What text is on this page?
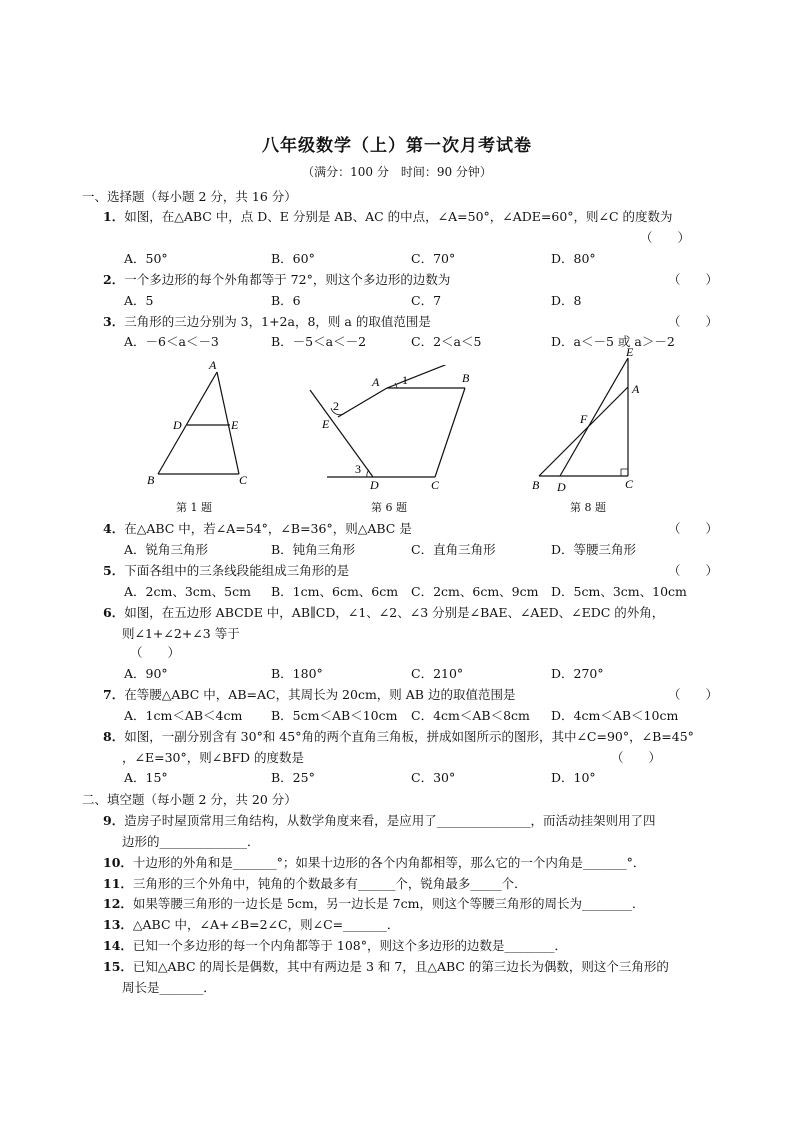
八年级数学（上）第一次月考试卷
（满分：100 分　时间：90 分钟）
一、选择题（每小题 2 分，共 16 分）
1．如图，在△ABC 中，点 D、E 分别是 AB、AC 的中点，∠A=50°，∠ADE=60°，则∠C 的度数为
（　　）
A．50°	B．60°	C．70°	D．80°
2．一个多边形的每个外角都等于 72°，则这个多边形的边数为	（　　）
A．5	B．6	C．7	D．8
3．三角形的三边分别为 3，1+2a，8，则 a 的取值范围是	（　　）
A．－6＜a＜－3	B．－5＜a＜－2	C．2＜a＜5	D．a＜－5 或 a＞－2
A
D	E
B	C
第 1 题
A 1	B
2
E
3
D	C
第 6 题
E
A
F
B D	C
第 8 题
4．在△ABC 中，若∠A=54°，∠B=36°，则△ABC 是	（　　）
A．锐角三角形	B．钝角三角形	C．直角三角形	D．等腰三角形
5．下面各组中的三条线段能组成三角形的是	（　　）
A．2cm、3cm、5cm B．1cm、6cm、6cm C．2cm、6cm、9cm D．5cm、3cm、10cm
6．如图，在五边形 ABCDE 中，AB∥CD，∠1、∠2、∠3 分别是∠BAE、∠AED、∠EDC 的外角，
则∠1+∠2+∠3 等于
（　　）
A．90°	B．180°	C．210°	D．270°
7．在等腰△ABC 中，AB=AC，其周长为 20cm，则 AB 边的取值范围是	（　　）
A．1cm＜AB＜4cm B．5cm＜AB＜10cm C．4cm＜AB＜8cm D．4cm＜AB＜10cm
8．如图，一副分别含有 30°和 45°角的两个直角三角板，拼成如图所示的图形，其中∠C=90°，∠B=45°
，∠E=30°，则∠BFD 的度数是	（　　）
A．15°	B．25°	C．30°	D．10°
二、填空题（每小题 2 分，共 20 分）
9．造房子时屋顶常用三角结构，从数学角度来看，是应用了_______________，而活动挂架则用了四
边形的______________．
10．十边形的外角和是_______°；如果十边形的各个内角都相等，那么它的一个内角是_______°．
11．三角形的三个外角中，钝角的个数最多有______个，锐角最多_____个．
12．如果等腰三角形的一边长是 5cm，另一边长是 7cm，则这个等腰三角形的周长为________．
13．△ABC 中，∠A+∠B=2∠C，则∠C=_______．
14．已知一个多边形的每一个内角都等于 108°，则这个多边形的边数是________．
15．已知△ABC 的周长是偶数，其中有两边是 3 和 7，且△ABC 的第三边长为偶数，则这个三角形的
周长是_______．
